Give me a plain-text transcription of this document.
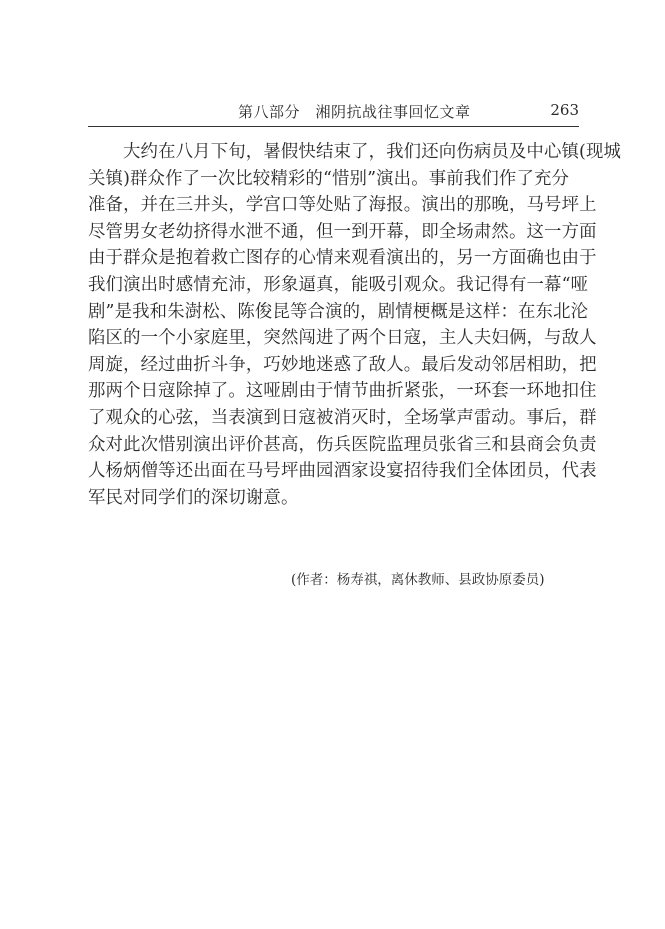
第八部分　湘阴抗战往事回忆文章	263
大约在八月下旬，暑假快结束了，我们还向伤病员及中心镇(现城
关镇)群众作了一次比较精彩的“惜别”演出。事前我们作了充分
准备，并在三井头，学宫口等处贴了海报。演出的那晚，马号坪上
尽管男女老幼挤得水泄不通，但一到开幕，即全场肃然。这一方面
由于群众是抱着救亡图存的心情来观看演出的，另一方面确也由于
我们演出时感情充沛，形象逼真，能吸引观众。我记得有一幕“哑
剧”是我和朱澍松、陈俊昆等合演的，剧情梗概是这样：在东北沦
陷区的一个小家庭里，突然闯进了两个日寇，主人夫妇俩，与敌人
周旋，经过曲折斗争，巧妙地迷惑了敌人。最后发动邻居相助，把
那两个日寇除掉了。这哑剧由于情节曲折紧张，一环套一环地扣住
了观众的心弦，当表演到日寇被消灭时，全场掌声雷动。事后，群
众对此次惜别演出评价甚高，伤兵医院监理员张省三和县商会负责
人杨炳僧等还出面在马号坪曲园酒家设宴招待我们全体团员，代表
军民对同学们的深切谢意。
(作者：杨寿祺，离休教师、县政协原委员)
